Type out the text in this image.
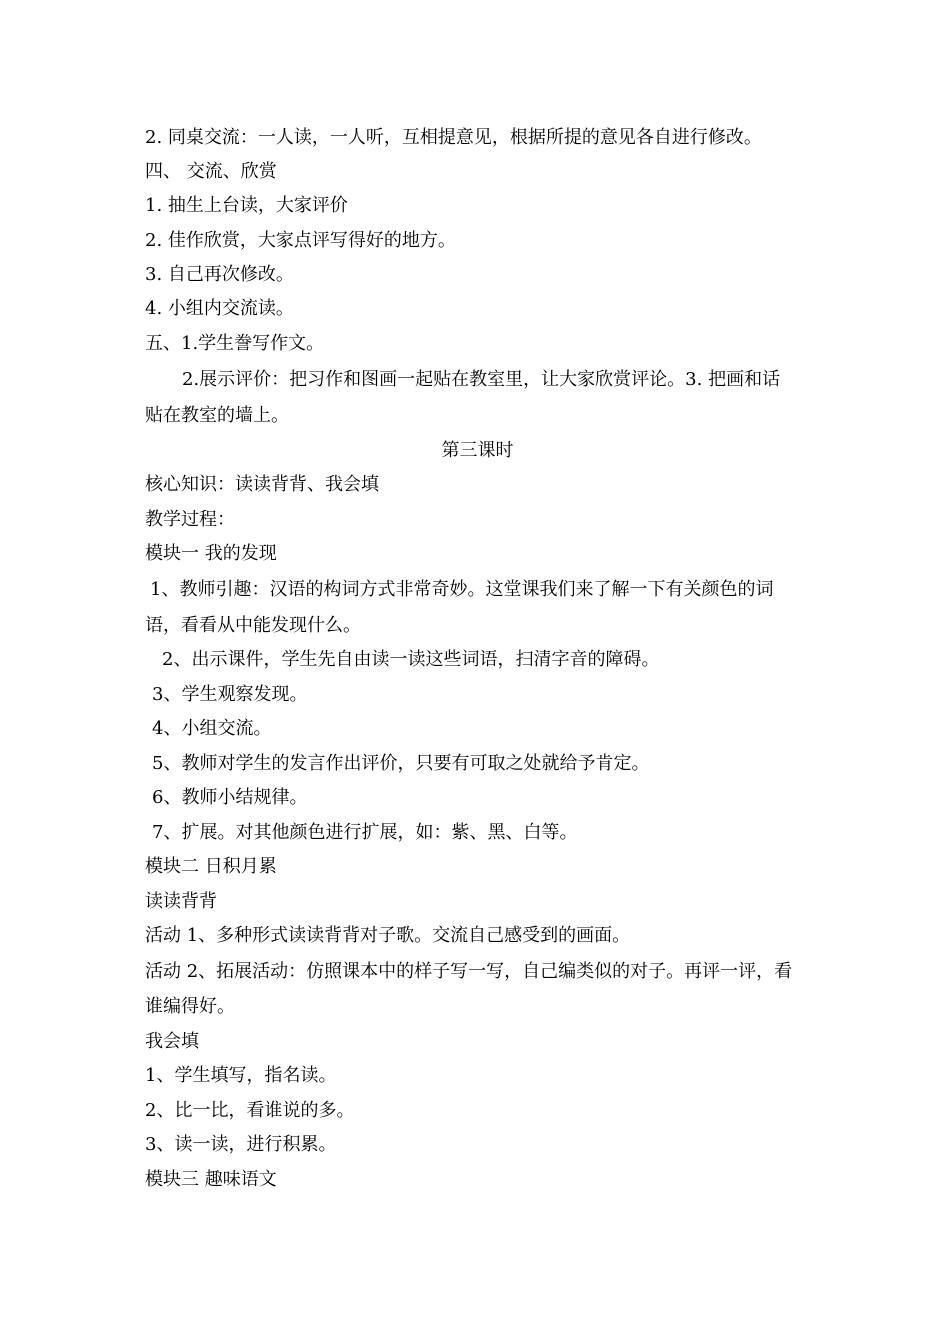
2. 同桌交流：一人读，一人听，互相提意见，根据所提的意见各自进行修改。
四、 交流、欣赏
1. 抽生上台读，大家评价
2. 佳作欣赏，大家点评写得好的地方。
3. 自己再次修改。
4. 小组内交流读。
五、1.学生誊写作文。
2.展示评价：把习作和图画一起贴在教室里，让大家欣赏评论。3. 把画和话
贴在教室的墙上。
第三课时
核心知识：读读背背、我会填
教学过程：
模块一 我的发现
1、教师引趣：汉语的构词方式非常奇妙。这堂课我们来了解一下有关颜色的词
语，看看从中能发现什么。
2、出示课件，学生先自由读一读这些词语，扫清字音的障碍。
3、学生观察发现。
4、小组交流。
5、教师对学生的发言作出评价，只要有可取之处就给予肯定。
6、教师小结规律。
7、扩展。对其他颜色进行扩展，如：紫、黑、白等。
模块二 日积月累
读读背背
活动 1、多种形式读读背背对子歌。交流自己感受到的画面。
活动 2、拓展活动：仿照课本中的样子写一写，自己编类似的对子。再评一评，看
谁编得好。
我会填
1、学生填写，指名读。
2、比一比，看谁说的多。
3、读一读，进行积累。
模块三 趣味语文
